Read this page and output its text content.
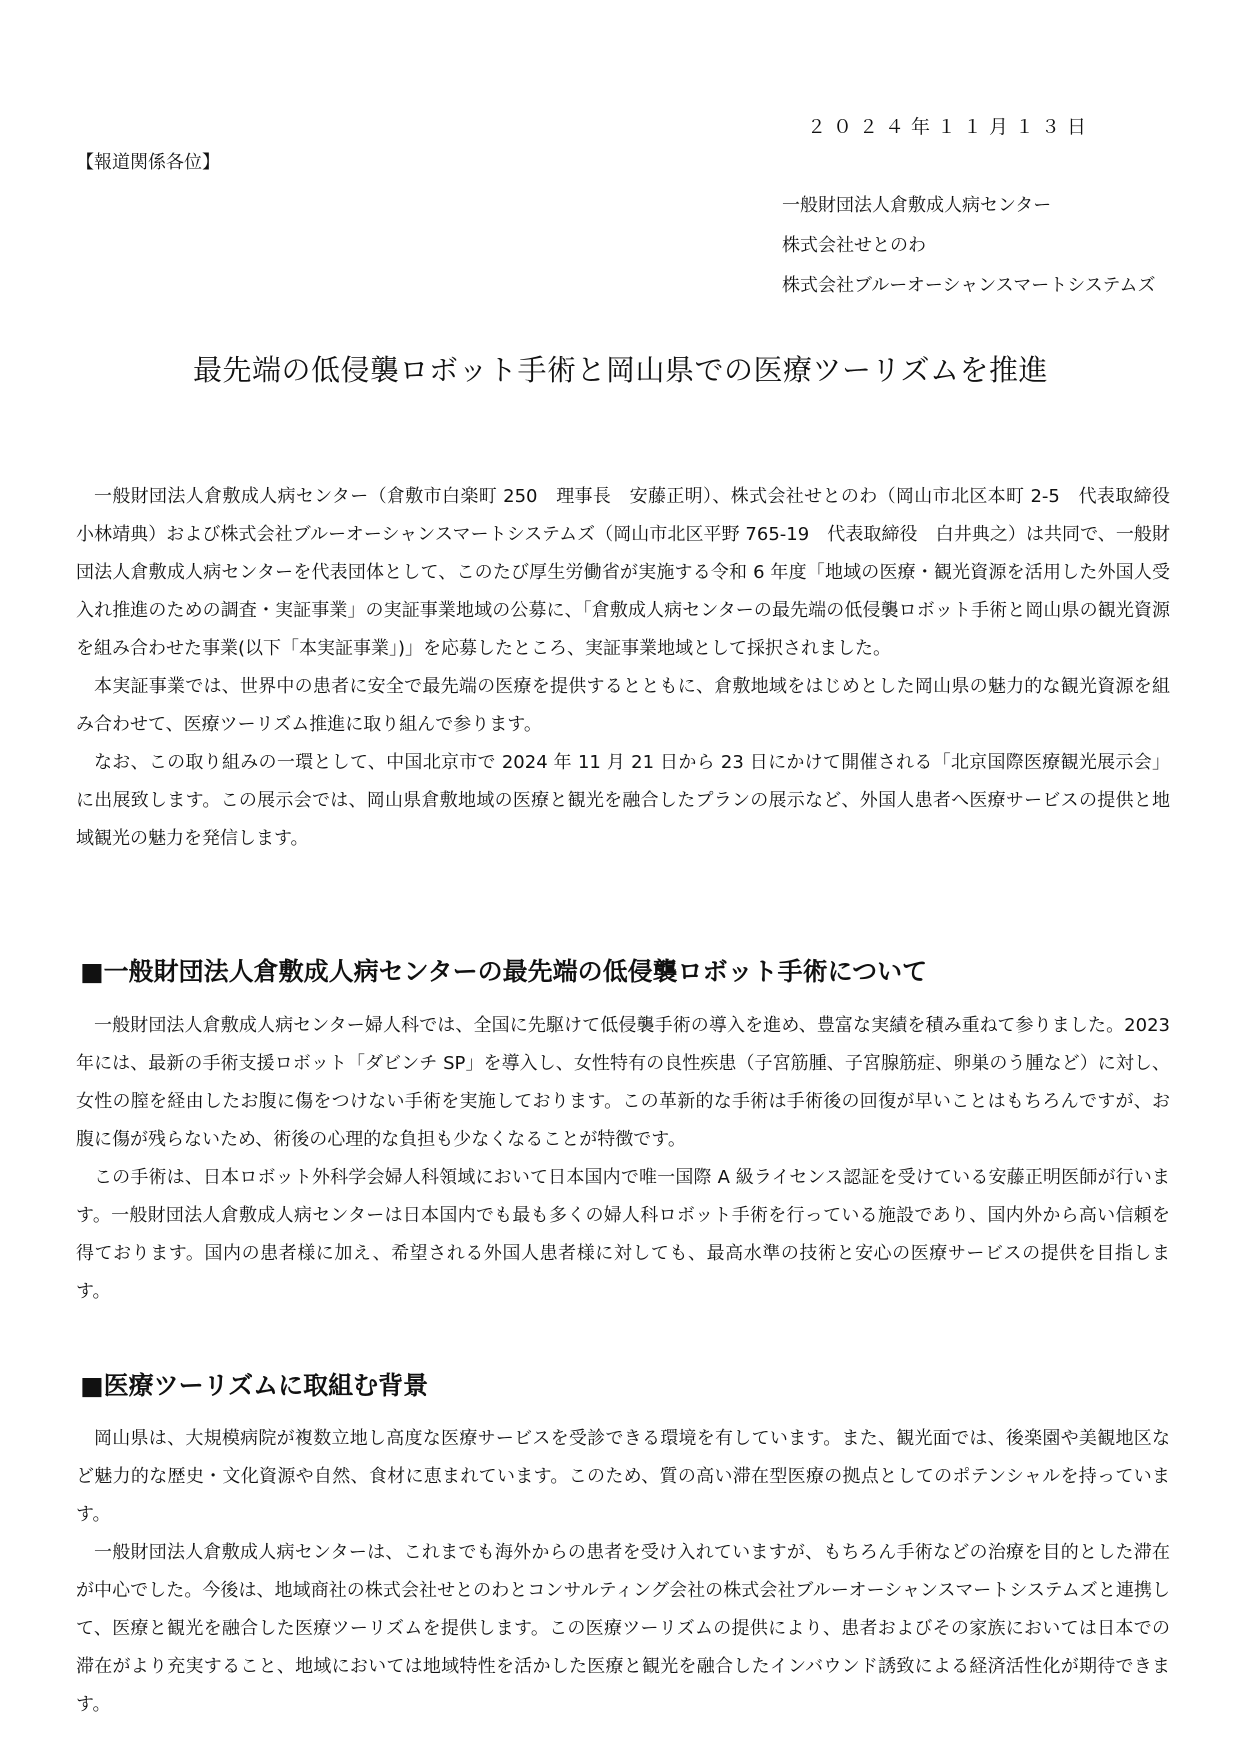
２０２４年１１月１３日
【報道関係各位】
一般財団法人倉敷成人病センター
株式会社せとのわ
株式会社ブルーオーシャンスマートシステムズ
最先端の低侵襲ロボット手術と岡山県での医療ツーリズムを推進

一般財団法人倉敷成人病センター（倉敷市白楽町 250　理事長　安藤正明）、株式会社せとのわ（岡山市北区本町 2-5　代表取締役　小林靖典）および株式会社ブルーオーシャンスマートシステムズ（岡山市北区平野 765-19　代表取締役　白井典之）は共同で、一般財団法人倉敷成人病センターを代表団体として、このたび厚生労働省が実施する令和 6 年度「地域の医療・観光資源を活用した外国人受入れ推進のための調査・実証事業」の実証事業地域の公募に、「倉敷成人病センターの最先端の低侵襲ロボット手術と岡山県の観光資源を組み合わせた事業(以下「本実証事業」)」を応募したところ、実証事業地域として採択されました。

本実証事業では、世界中の患者に安全で最先端の医療を提供するとともに、倉敷地域をはじめとした岡山県の魅力的な観光資源を組み合わせて、医療ツーリズム推進に取り組んで参ります。

なお、この取り組みの一環として、中国北京市で 2024 年 11 月 21 日から 23 日にかけて開催される「北京国際医療観光展示会」に出展致します。この展示会では、岡山県倉敷地域の医療と観光を融合したプランの展示など、外国人患者へ医療サービスの提供と地域観光の魅力を発信します。

■一般財団法人倉敷成人病センターの最先端の低侵襲ロボット手術について

一般財団法人倉敷成人病センター婦人科では、全国に先駆けて低侵襲手術の導入を進め、豊富な実績を積み重ねて参りました。2023 年には、最新の手術支援ロボット「ダビンチ SP」を導入し、女性特有の良性疾患（子宮筋腫、子宮腺筋症、卵巣のう腫など）に対し、女性の膣を経由したお腹に傷をつけない手術を実施しております。この革新的な手術は手術後の回復が早いことはもちろんですが、お腹に傷が残らないため、術後の心理的な負担も少なくなることが特徴です。

この手術は、日本ロボット外科学会婦人科領域において日本国内で唯一国際 A 級ライセンス認証を受けている安藤正明医師が行います。一般財団法人倉敷成人病センターは日本国内でも最も多くの婦人科ロボット手術を行っている施設であり、国内外から高い信頼を得ております。国内の患者様に加え、希望される外国人患者様に対しても、最高水準の技術と安心の医療サービスの提供を目指します。

■医療ツーリズムに取組む背景

岡山県は、大規模病院が複数立地し高度な医療サービスを受診できる環境を有しています。また、観光面では、後楽園や美観地区など魅力的な歴史・文化資源や自然、食材に恵まれています。このため、質の高い滞在型医療の拠点としてのポテンシャルを持っています。

一般財団法人倉敷成人病センターは、これまでも海外からの患者を受け入れていますが、もちろん手術などの治療を目的とした滞在が中心でした。今後は、地域商社の株式会社せとのわとコンサルティング会社の株式会社ブルーオーシャンスマートシステムズと連携して、医療と観光を融合した医療ツーリズムを提供します。この医療ツーリズムの提供により、患者およびその家族においては日本での滞在がより充実すること、地域においては地域特性を活かした医療と観光を融合したインバウンド誘致による経済活性化が期待できます。
